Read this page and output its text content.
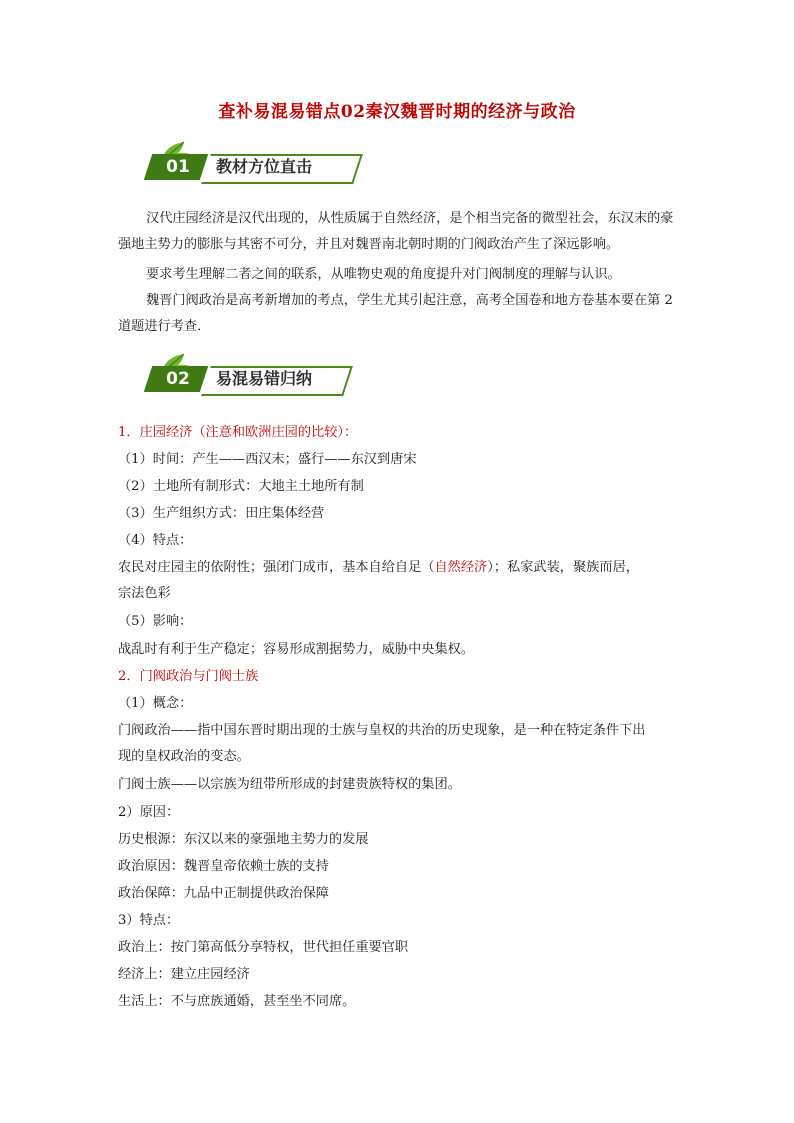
查补易混易错点02秦汉魏晋时期的经济与政治
01	教材方位直击
汉代庄园经济是汉代出现的，从性质属于自然经济，是个相当完备的微型社会，东汉末的豪强地主势力的膨胀与其密不可分，并且对魏晋南北朝时期的门阀政治产生了深远影响。
要求考生理解二者之间的联系，从唯物史观的角度提升对门阀制度的理解与认识。
魏晋门阀政治是高考新增加的考点，学生尤其引起注意，高考全国卷和地方卷基本要在第 2道题进行考查．
02	易混易错归纳
1．庄园经济（注意和欧洲庄园的比较）：
（1）时间：产生——西汉末；盛行——东汉到唐宋
（2）土地所有制形式：大地主土地所有制
（3）生产组织方式：田庄集体经营
（4）特点：
农民对庄园主的依附性；强闭门成市，基本自给自足（自然经济）；私家武装，聚族而居，
宗法色彩
（5）影响：
战乱时有利于生产稳定；容易形成割据势力，威胁中央集权。
2．门阀政治与门阀士族
（1）概念：
门阀政治——指中国东晋时期出现的士族与皇权的共治的历史现象，是一种在特定条件下出
现的皇权政治的变态。
门阀士族——以宗族为纽带所形成的封建贵族特权的集团。
2）原因：
历史根源：东汉以来的豪强地主势力的发展
政治原因：魏晋皇帝依赖士族的支持
政治保障：九品中正制提供政治保障
3）特点：
政治上：按门第高低分享特权，世代担任重要官职
经济上：建立庄园经济
生活上：不与庶族通婚，甚至坐不同席。
